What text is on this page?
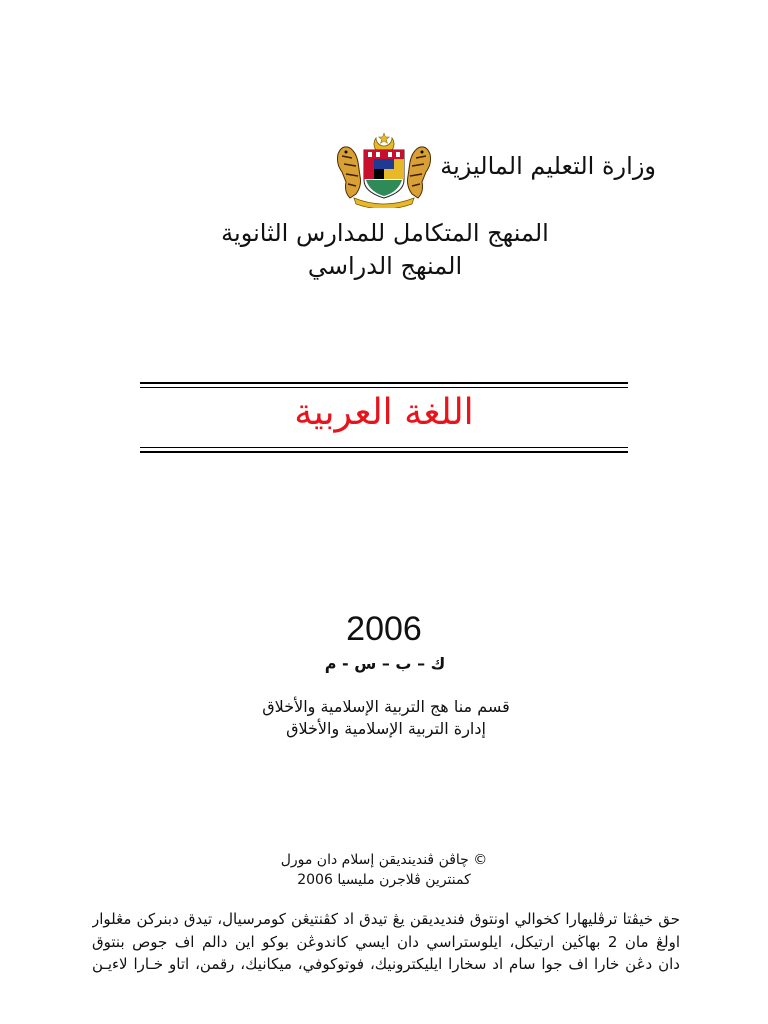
وزارة التعليم الماليزية
المنهج المتكامل للمدارس الثانوية
المنهج الدراسي
اللغة العربية
2006
ك – ب – س - م
قسم منا هج التربية الإسلامية والأخلاق
إدارة التربية الإسلامية والأخلاق
© چاڤن ڤندينديقن إسلام دان مورل
کمنترين ڤلاجرن مليسيا 2006
حق خيڤتا ترڤليهارا كخوالي اونتوق فنديديقن يڠ تيدق اد كڤنتيڠن كومرسيال، تيدق دبنركن مڠلوار
اولڠ مان 2 بهاڬين ارتيكل، ايلوستراسي دان ايسي كاندوڠن بوكو اين دالم اف جوص بنتوق
دان دڠن خارا اف جوا سام اد سخارا ايليكترونيك، فوتوكوفي، ميكانيك، رقمن، اتاو خـارا لاءيـن
